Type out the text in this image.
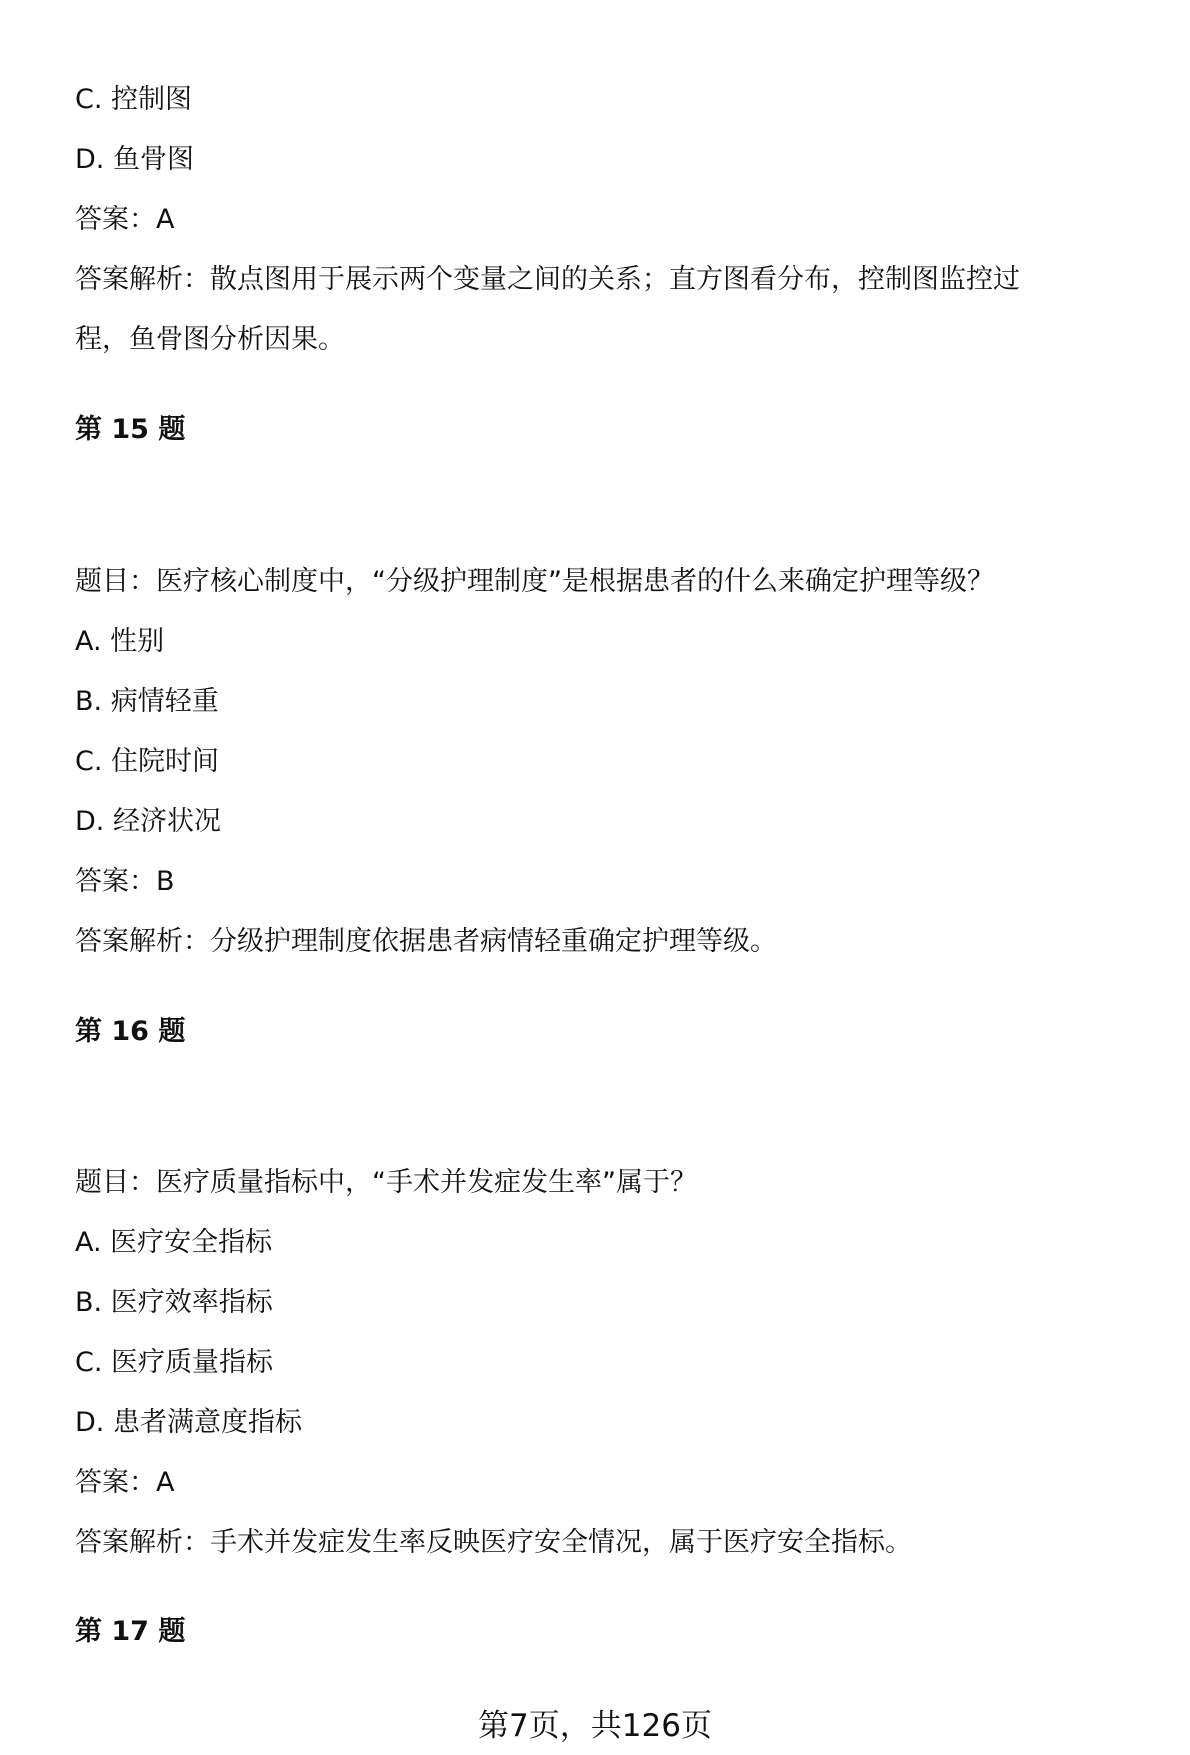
C. 控制图
D. 鱼骨图
答案：A
答案解析：散点图用于展示两个变量之间的关系；直方图看分布，控制图监控过
程，鱼骨图分析因果。
第 15 题
题目：医疗核心制度中，“分级护理制度”是根据患者的什么来确定护理等级？
A. 性别
B. 病情轻重
C. 住院时间
D. 经济状况
答案：B
答案解析：分级护理制度依据患者病情轻重确定护理等级。
第 16 题
题目：医疗质量指标中，“手术并发症发生率”属于？
A. 医疗安全指标
B. 医疗效率指标
C. 医疗质量指标
D. 患者满意度指标
答案：A
答案解析：手术并发症发生率反映医疗安全情况，属于医疗安全指标。
第 17 题
第7页，共126页
